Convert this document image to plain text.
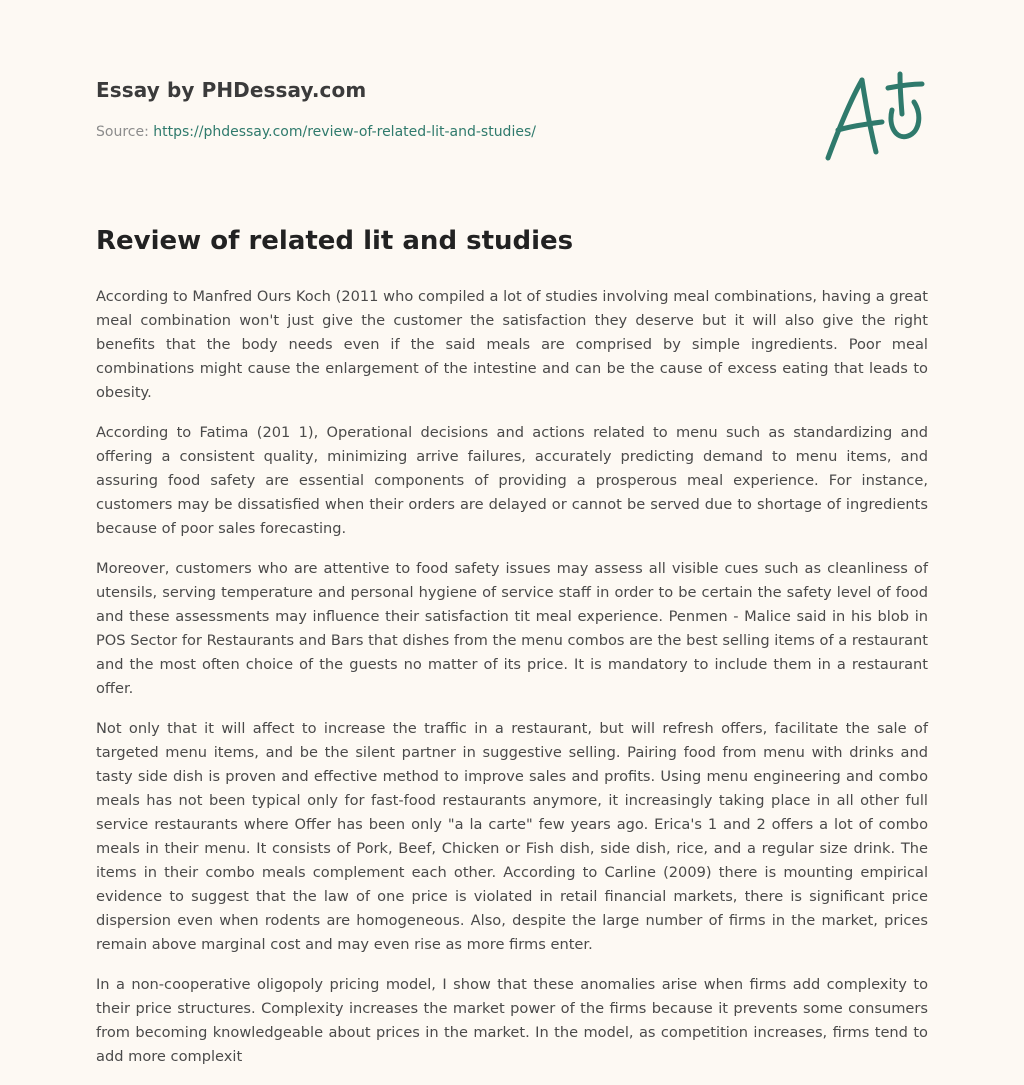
Essay by PHDessay.com

Source: https://phdessay.com/review-of-related-lit-and-studies/

Review of related lit and studies

According to Manfred Ours Koch (2011 who compiled a lot of studies involving meal combinations, having a great meal combination won't just give the customer the satisfaction they deserve but it will also give the right benefits that the body needs even if the said meals are comprised by simple ingredients. Poor meal combinations might cause the enlargement of the intestine and can be the cause of excess eating that leads to obesity.

According to Fatima (201 1), Operational decisions and actions related to menu such as standardizing and offering a consistent quality, minimizing arrive failures, accurately predicting demand to menu items, and assuring food safety are essential components of providing a prosperous meal experience. For instance, customers may be dissatisfied when their orders are delayed or cannot be served due to shortage of ingredients because of poor sales forecasting.

Moreover, customers who are attentive to food safety issues may assess all visible cues such as cleanliness of utensils, serving temperature and personal hygiene of service staff in order to be certain the safety level of food and these assessments may influence their satisfaction tit meal experience. Penmen - Malice said in his blob in POS Sector for Restaurants and Bars that dishes from the menu combos are the best selling items of a restaurant and the most often choice of the guests no matter of its price. It is mandatory to include them in a restaurant offer.

Not only that it will affect to increase the traffic in a restaurant, but will refresh offers, facilitate the sale of targeted menu items, and be the silent partner in suggestive selling. Pairing food from menu with drinks and tasty side dish is proven and effective method to improve sales and profits. Using menu engineering and combo meals has not been typical only for fast-food restaurants anymore, it increasingly taking place in all other full service restaurants where Offer has been only "a la carte" few years ago. Erica's 1 and 2 offers a lot of combo meals in their menu. It consists of Pork, Beef, Chicken or Fish dish, side dish, rice, and a regular size drink. The items in their combo meals complement each other. According to Carline (2009) there is mounting empirical evidence to suggest that the law of one price is violated in retail financial markets, there is significant price dispersion even when rodents are homogeneous. Also, despite the large number of firms in the market, prices remain above marginal cost and may even rise as more firms enter.

In a non-cooperative oligopoly pricing model, I show that these anomalies arise when firms add complexity to their price structures. Complexity increases the market power of the firms because it prevents some consumers from becoming knowledgeable about prices in the market. In the model, as competition increases, firms tend to add more complexit
